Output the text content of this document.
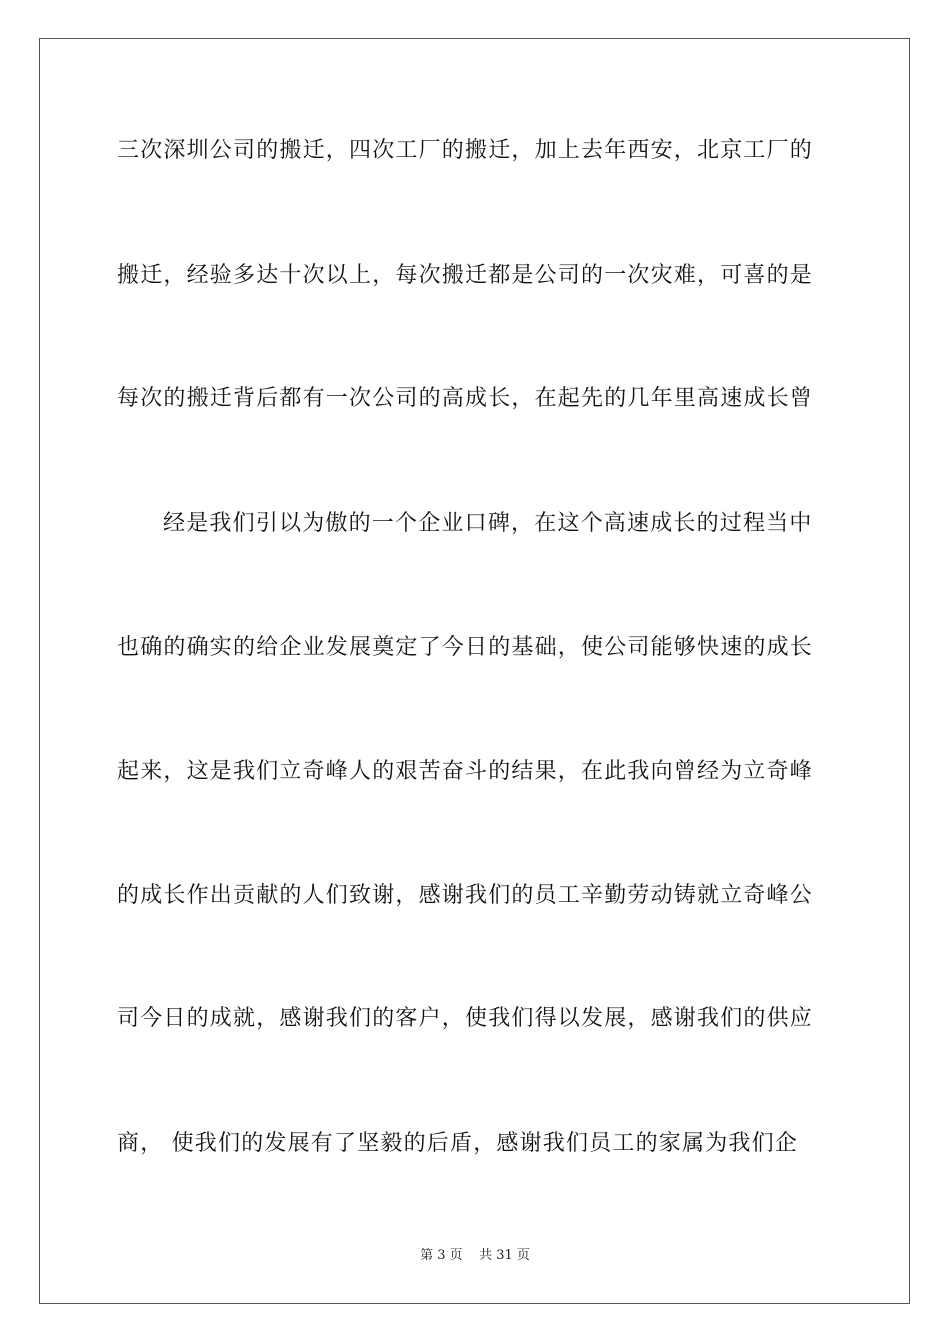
三次深圳公司的搬迁，四次工厂的搬迁，加上去年西安，北京工厂的
搬迁，经验多达十次以上，每次搬迁都是公司的一次灾难，可喜的是
每次的搬迁背后都有一次公司的高成长，在起先的几年里高速成长曾
经是我们引以为傲的一个企业口碑，在这个高速成长的过程当中
也确的确实的给企业发展奠定了今日的基础，使公司能够快速的成长
起来，这是我们立奇峰人的艰苦奋斗的结果，在此我向曾经为立奇峰
的成长作出贡献的人们致谢，感谢我们的员工辛勤劳动铸就立奇峰公
司今日的成就，感谢我们的客户，使我们得以发展，感谢我们的供应
商， 使我们的发展有了坚毅的后盾，感谢我们员工的家属为我们企
第 3 页    共 31 页
